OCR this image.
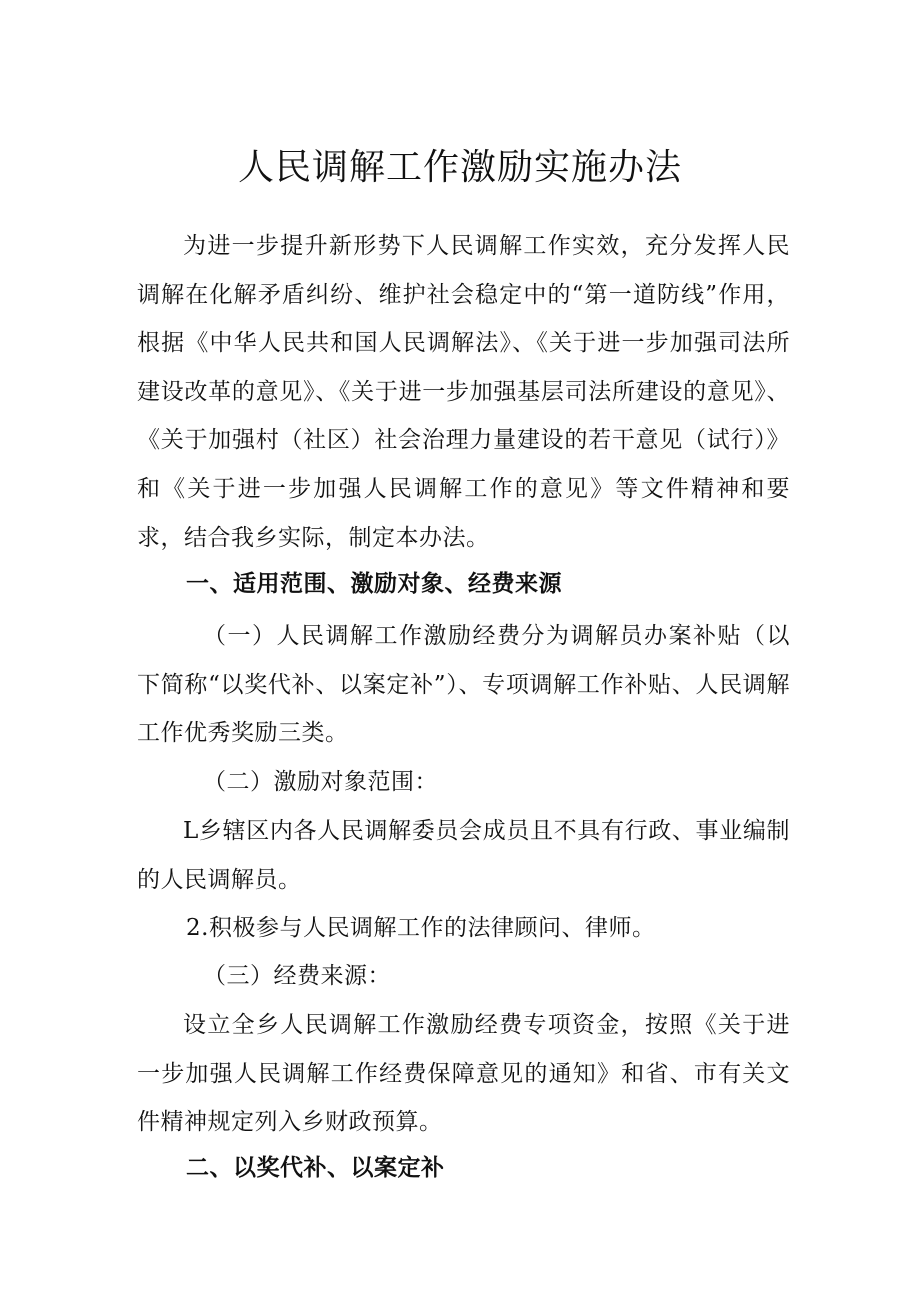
人民调解工作激励实施办法

为进一步提升新形势下人民调解工作实效，充分发挥人民调解在化解矛盾纠纷、维护社会稳定中的“第一道防线”作用，根据《中华人民共和国人民调解法》、《关于进一步加强司法所建设改革的意见》、《关于进一步加强基层司法所建设的意见》、《关于加强村（社区）社会治理力量建设的若干意见（试行）》和《关于进一步加强人民调解工作的意见》等文件精神和要求，结合我乡实际，制定本办法。

一、适用范围、激励对象、经费来源

（一）人民调解工作激励经费分为调解员办案补贴（以下简称“以奖代补、以案定补”）、专项调解工作补贴、人民调解工作优秀奖励三类。

（二）激励对象范围：

L乡辖区内各人民调解委员会成员且不具有行政、事业编制的人民调解员。

2.积极参与人民调解工作的法律顾问、律师。

（三）经费来源：

设立全乡人民调解工作激励经费专项资金，按照《关于进一步加强人民调解工作经费保障意见的通知》和省、市有关文件精神规定列入乡财政预算。

二、以奖代补、以案定补
